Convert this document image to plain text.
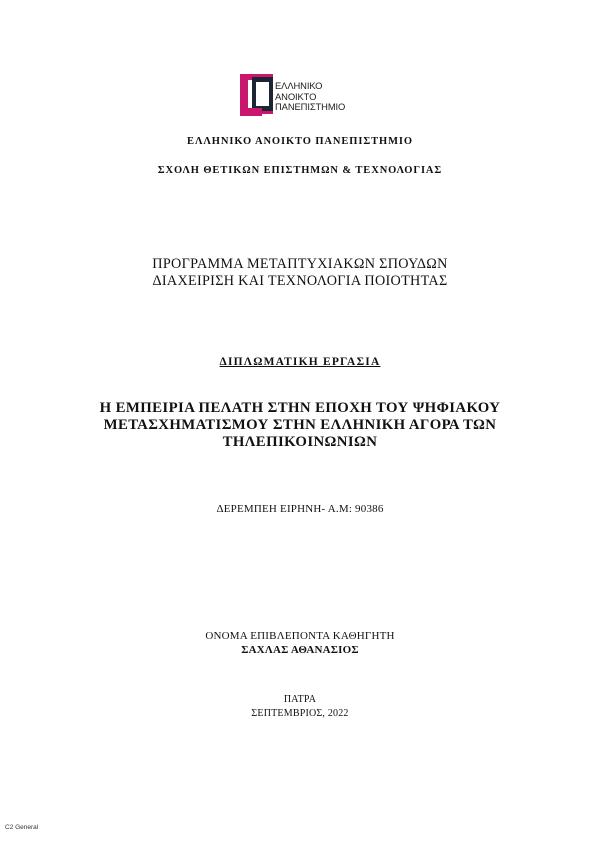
ΕΛΛΗΝΙΚΟ
ΑΝΟΙΚΤΟ
ΠΑΝΕΠΙΣΤΗΜΙΟ
ΕΛΛΗΝΙΚΟ ΑΝΟΙΚΤΟ ΠΑΝΕΠΙΣΤΗΜΙΟ
ΣΧΟΛΗ ΘΕΤΙΚΩΝ ΕΠΙΣΤΗΜΩΝ & ΤΕΧΝΟΛΟΓΙΑΣ
ΠΡΟΓΡΑΜΜΑ ΜΕΤΑΠΤΥΧΙΑΚΩΝ ΣΠΟΥΔΩΝ
ΔΙΑΧΕΙΡΙΣΗ ΚΑΙ ΤΕΧΝΟΛΟΓΙΑ ΠΟΙΟΤΗΤΑΣ
ΔΙΠΛΩΜΑΤΙΚΗ ΕΡΓΑΣΙΑ
Η ΕΜΠΕΙΡΙΑ ΠΕΛΑΤΗ ΣΤΗΝ ΕΠΟΧΗ ΤΟΥ ΨΗΦΙΑΚΟΥ
ΜΕΤΑΣΧΗΜΑΤΙΣΜΟΥ ΣΤΗΝ ΕΛΛΗΝΙΚΗ ΑΓΟΡΑ ΤΩΝ
ΤΗΛΕΠΙΚΟΙΝΩΝΙΩΝ
ΔΕΡΕΜΠΕΗ ΕΙΡΗΝΗ- Α.Μ: 90386
ΟΝΟΜΑ ΕΠΙΒΛΕΠΟΝΤΑ ΚΑΘΗΓΗΤΗ
ΣΑΧΛΑΣ ΑΘΑΝΑΣΙΟΣ
ΠΑΤΡΑ
ΣΕΠΤΕΜΒΡΙΟΣ, 2022
C2 General
